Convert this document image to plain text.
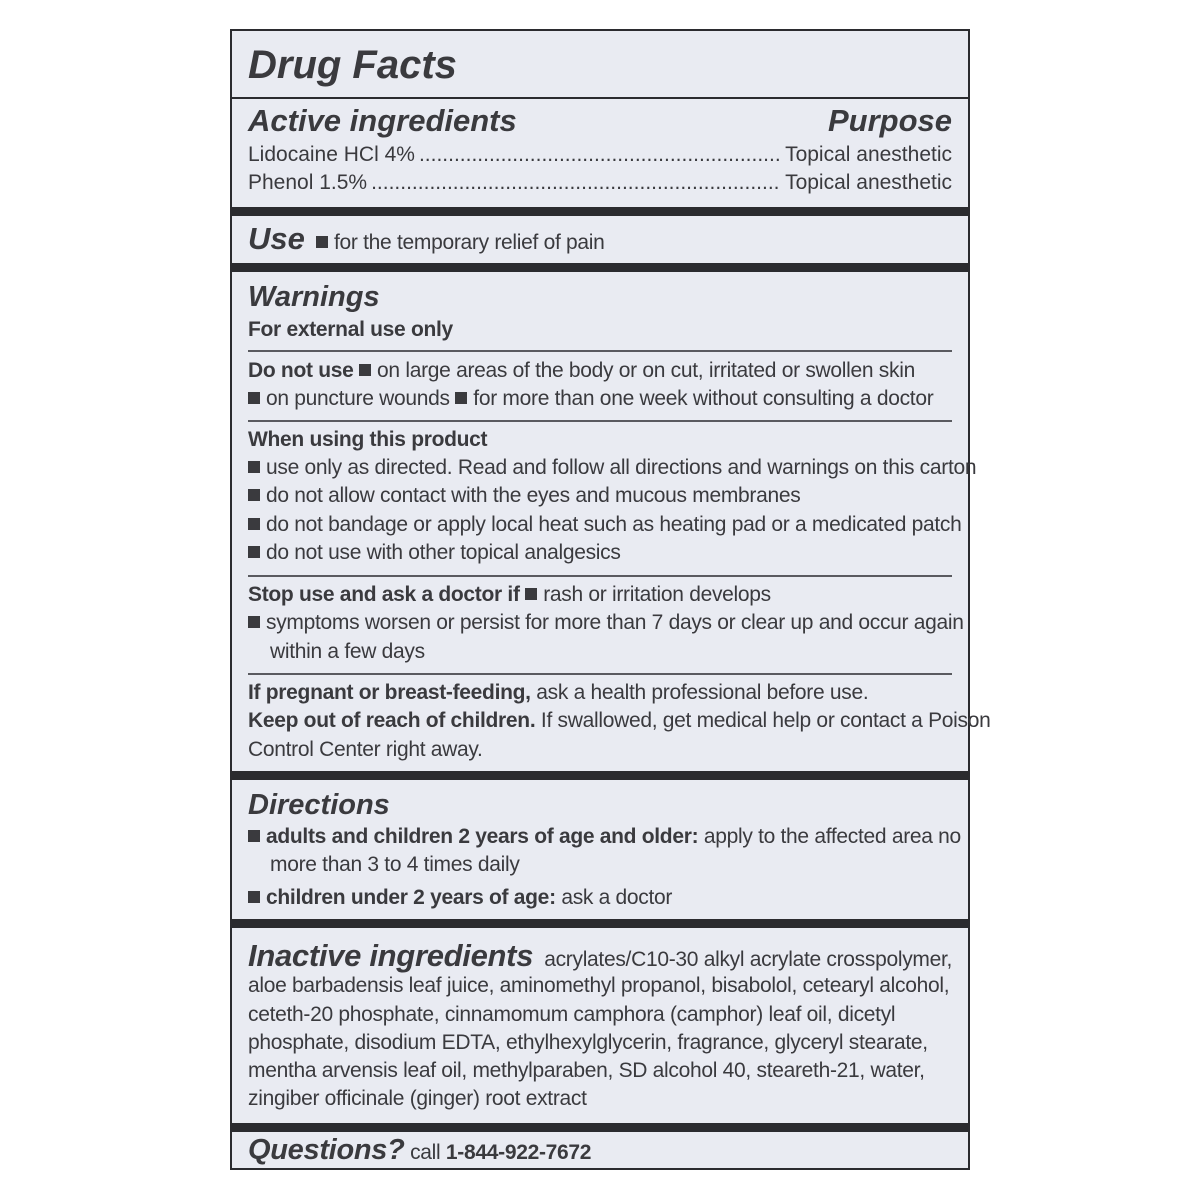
Drug Facts
Active ingredients	Purpose
Lidocaine HCl 4% .....	Topical anesthetic
Phenol 1.5% .....	Topical anesthetic
Use	for the temporary relief of pain
Warnings
For external use only
Do not use on large areas of the body or on cut, irritated or swollen skin
on puncture wounds for more than one week without consulting a doctor
When using this product
use only as directed. Read and follow all directions and warnings on this carton
do not allow contact with the eyes and mucous membranes
do not bandage or apply local heat such as heating pad or a medicated patch
do not use with other topical analgesics
Stop use and ask a doctor if rash or irritation develops
symptoms worsen or persist for more than 7 days or clear up and occur again
within a few days
If pregnant or breast-feeding, ask a health professional before use.
Keep out of reach of children. If swallowed, get medical help or contact a Poison
Control Center right away.
Directions
adults and children 2 years of age and older: apply to the affected area no
more than 3 to 4 times daily
children under 2 years of age: ask a doctor
Inactive ingredients acrylates/C10-30 alkyl acrylate crosspolymer,
aloe barbadensis leaf juice, aminomethyl propanol, bisabolol, cetearyl alcohol,
ceteth-20 phosphate, cinnamomum camphora (camphor) leaf oil, dicetyl
phosphate, disodium EDTA, ethylhexylglycerin, fragrance, glyceryl stearate,
mentha arvensis leaf oil, methylparaben, SD alcohol 40, steareth-21, water,
zingiber officinale (ginger) root extract
Questions? call 1-844-922-7672
